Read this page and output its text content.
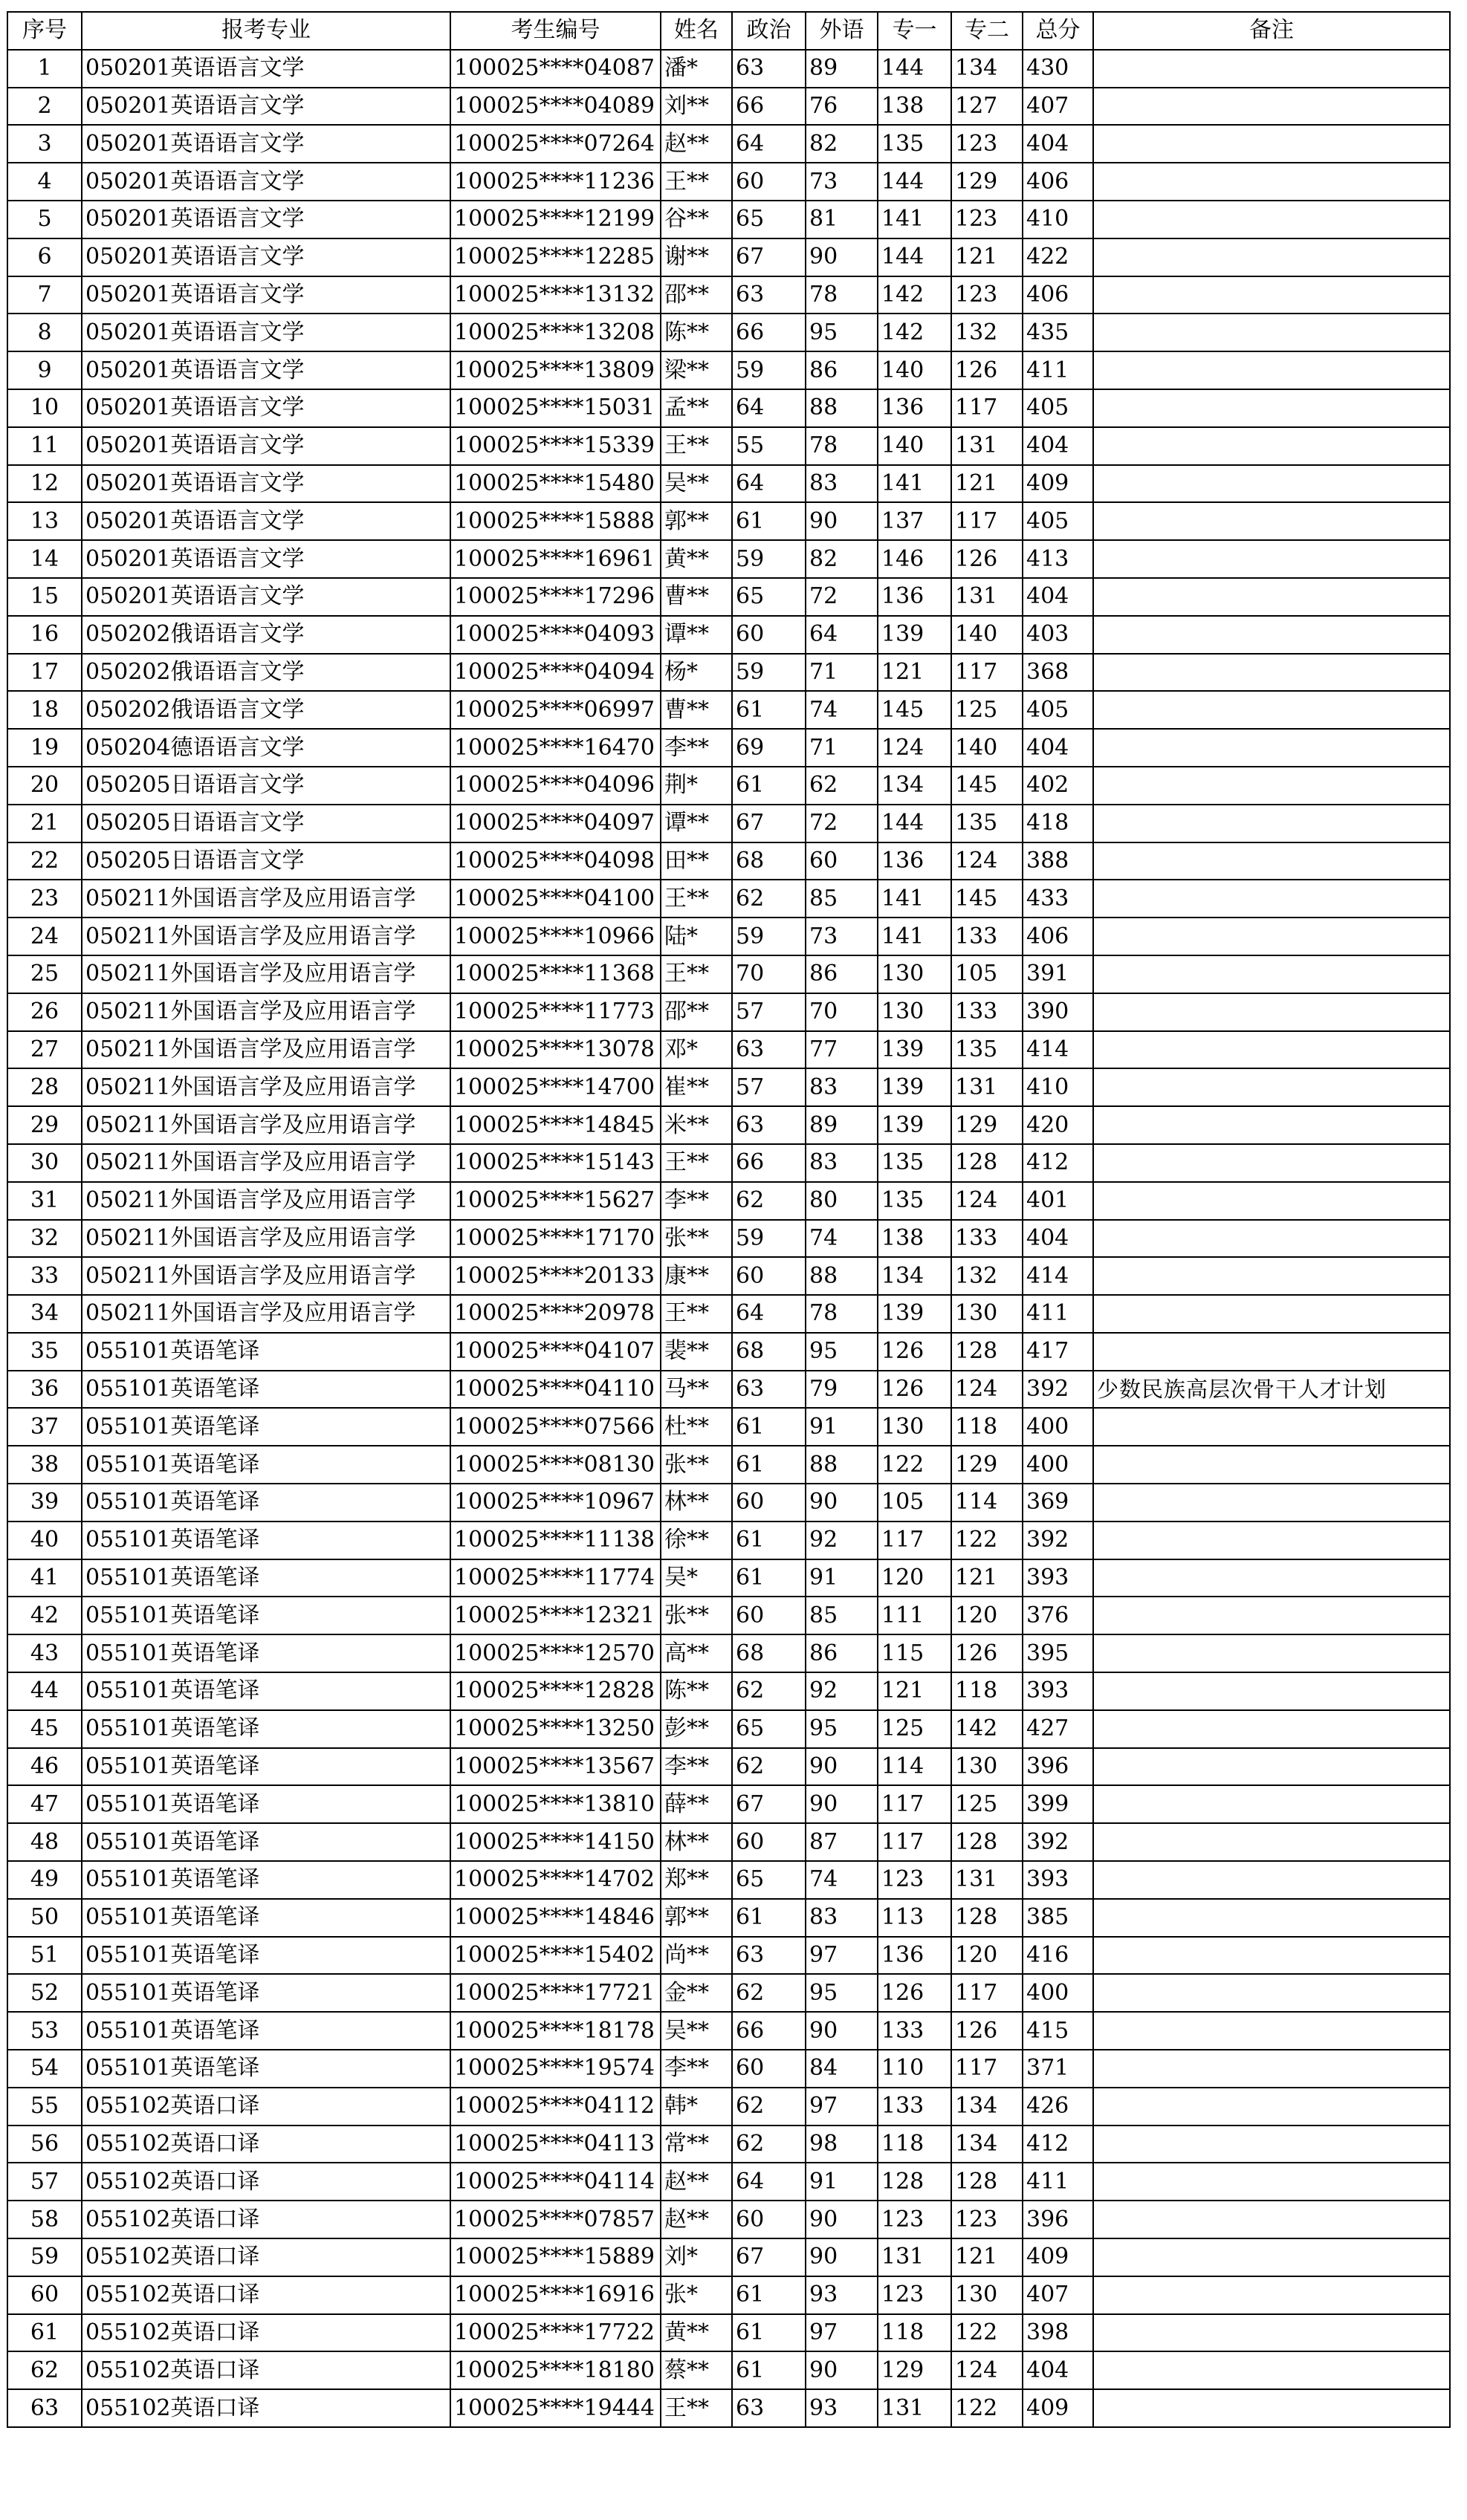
序号	报考专业	考生编号	姓名	政治	外语	专一	专二	总分	备注
1	050201英语语言文学	100025****04087	潘*	63	89	144	134	430	
2	050201英语语言文学	100025****04089	刘**	66	76	138	127	407	
3	050201英语语言文学	100025****07264	赵**	64	82	135	123	404	
4	050201英语语言文学	100025****11236	王**	60	73	144	129	406	
5	050201英语语言文学	100025****12199	谷**	65	81	141	123	410	
6	050201英语语言文学	100025****12285	谢**	67	90	144	121	422	
7	050201英语语言文学	100025****13132	邵**	63	78	142	123	406	
8	050201英语语言文学	100025****13208	陈**	66	95	142	132	435	
9	050201英语语言文学	100025****13809	梁**	59	86	140	126	411	
10	050201英语语言文学	100025****15031	孟**	64	88	136	117	405	
11	050201英语语言文学	100025****15339	王**	55	78	140	131	404	
12	050201英语语言文学	100025****15480	吴**	64	83	141	121	409	
13	050201英语语言文学	100025****15888	郭**	61	90	137	117	405	
14	050201英语语言文学	100025****16961	黄**	59	82	146	126	413	
15	050201英语语言文学	100025****17296	曹**	65	72	136	131	404	
16	050202俄语语言文学	100025****04093	谭**	60	64	139	140	403	
17	050202俄语语言文学	100025****04094	杨*	59	71	121	117	368	
18	050202俄语语言文学	100025****06997	曹**	61	74	145	125	405	
19	050204德语语言文学	100025****16470	李**	69	71	124	140	404	
20	050205日语语言文学	100025****04096	荆*	61	62	134	145	402	
21	050205日语语言文学	100025****04097	谭**	67	72	144	135	418	
22	050205日语语言文学	100025****04098	田**	68	60	136	124	388	
23	050211外国语言学及应用语言学	100025****04100	王**	62	85	141	145	433	
24	050211外国语言学及应用语言学	100025****10966	陆*	59	73	141	133	406	
25	050211外国语言学及应用语言学	100025****11368	王**	70	86	130	105	391	
26	050211外国语言学及应用语言学	100025****11773	邵**	57	70	130	133	390	
27	050211外国语言学及应用语言学	100025****13078	邓*	63	77	139	135	414	
28	050211外国语言学及应用语言学	100025****14700	崔**	57	83	139	131	410	
29	050211外国语言学及应用语言学	100025****14845	米**	63	89	139	129	420	
30	050211外国语言学及应用语言学	100025****15143	王**	66	83	135	128	412	
31	050211外国语言学及应用语言学	100025****15627	李**	62	80	135	124	401	
32	050211外国语言学及应用语言学	100025****17170	张**	59	74	138	133	404	
33	050211外国语言学及应用语言学	100025****20133	康**	60	88	134	132	414	
34	050211外国语言学及应用语言学	100025****20978	王**	64	78	139	130	411	
35	055101英语笔译	100025****04107	裴**	68	95	126	128	417	
36	055101英语笔译	100025****04110	马**	63	79	126	124	392	少数民族高层次骨干人才计划
37	055101英语笔译	100025****07566	杜**	61	91	130	118	400	
38	055101英语笔译	100025****08130	张**	61	88	122	129	400	
39	055101英语笔译	100025****10967	林**	60	90	105	114	369	
40	055101英语笔译	100025****11138	徐**	61	92	117	122	392	
41	055101英语笔译	100025****11774	吴*	61	91	120	121	393	
42	055101英语笔译	100025****12321	张**	60	85	111	120	376	
43	055101英语笔译	100025****12570	高**	68	86	115	126	395	
44	055101英语笔译	100025****12828	陈**	62	92	121	118	393	
45	055101英语笔译	100025****13250	彭**	65	95	125	142	427	
46	055101英语笔译	100025****13567	李**	62	90	114	130	396	
47	055101英语笔译	100025****13810	薛**	67	90	117	125	399	
48	055101英语笔译	100025****14150	林**	60	87	117	128	392	
49	055101英语笔译	100025****14702	郑**	65	74	123	131	393	
50	055101英语笔译	100025****14846	郭**	61	83	113	128	385	
51	055101英语笔译	100025****15402	尚**	63	97	136	120	416	
52	055101英语笔译	100025****17721	金**	62	95	126	117	400	
53	055101英语笔译	100025****18178	吴**	66	90	133	126	415	
54	055101英语笔译	100025****19574	李**	60	84	110	117	371	
55	055102英语口译	100025****04112	韩*	62	97	133	134	426	
56	055102英语口译	100025****04113	常**	62	98	118	134	412	
57	055102英语口译	100025****04114	赵**	64	91	128	128	411	
58	055102英语口译	100025****07857	赵**	60	90	123	123	396	
59	055102英语口译	100025****15889	刘*	67	90	131	121	409	
60	055102英语口译	100025****16916	张*	61	93	123	130	407	
61	055102英语口译	100025****17722	黄**	61	97	118	122	398	
62	055102英语口译	100025****18180	蔡**	61	90	129	124	404	
63	055102英语口译	100025****19444	王**	63	93	131	122	409	
